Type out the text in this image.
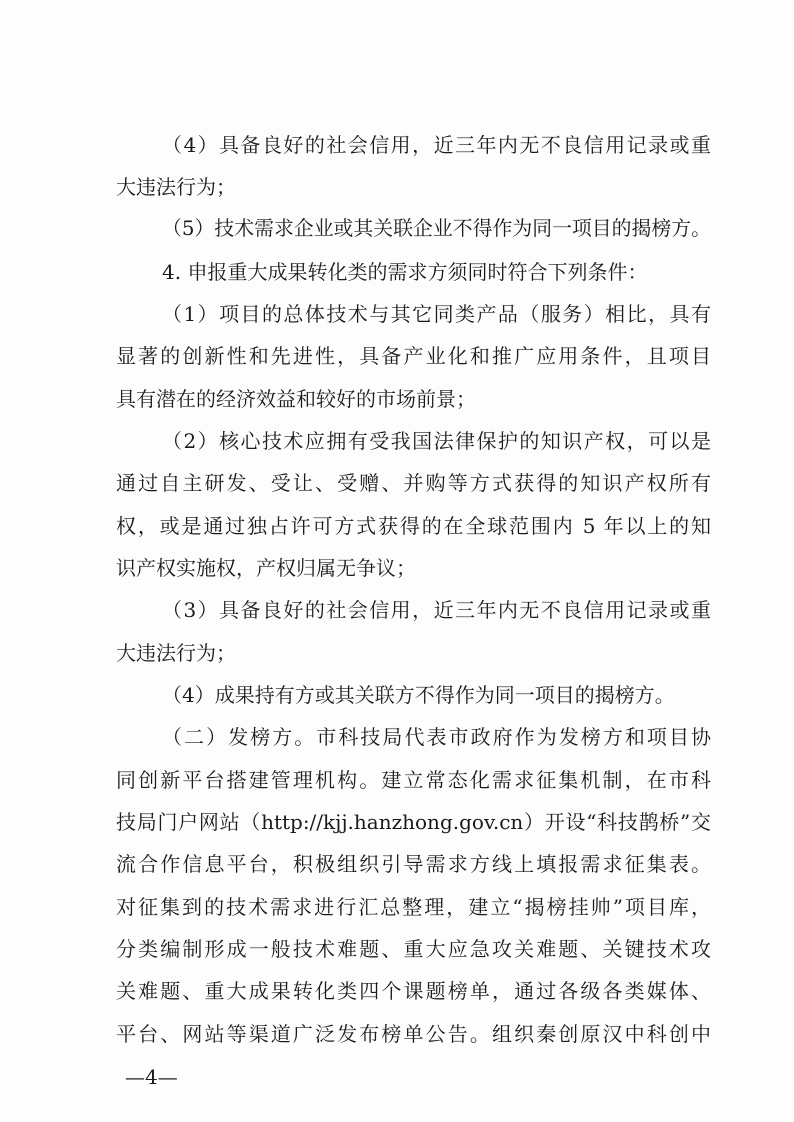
（4）具备良好的社会信用，近三年内无不良信用记录或重
大违法行为；
（5）技术需求企业或其关联企业不得作为同一项目的揭榜方。
4. 申报重大成果转化类的需求方须同时符合下列条件：
（1）项目的总体技术与其它同类产品（服务）相比，具有
显著的创新性和先进性，具备产业化和推广应用条件，且项目
具有潜在的经济效益和较好的市场前景；
（2）核心技术应拥有受我国法律保护的知识产权，可以是
通过自主研发、受让、受赠、并购等方式获得的知识产权所有
权，或是通过独占许可方式获得的在全球范围内 5 年以上的知
识产权实施权，产权归属无争议；
（3）具备良好的社会信用，近三年内无不良信用记录或重
大违法行为；
（4）成果持有方或其关联方不得作为同一项目的揭榜方。
（二）发榜方。市科技局代表市政府作为发榜方和项目协
同创新平台搭建管理机构。建立常态化需求征集机制，在市科
技局门户网站（http://kjj.hanzhong.gov.cn）开设“科技鹊桥”交
流合作信息平台，积极组织引导需求方线上填报需求征集表。
对征集到的技术需求进行汇总整理，建立“揭榜挂帅”项目库，
分类编制形成一般技术难题、重大应急攻关难题、关键技术攻
关难题、重大成果转化类四个课题榜单，通过各级各类媒体、
平台、网站等渠道广泛发布榜单公告。组织秦创原汉中科创中
—4—
